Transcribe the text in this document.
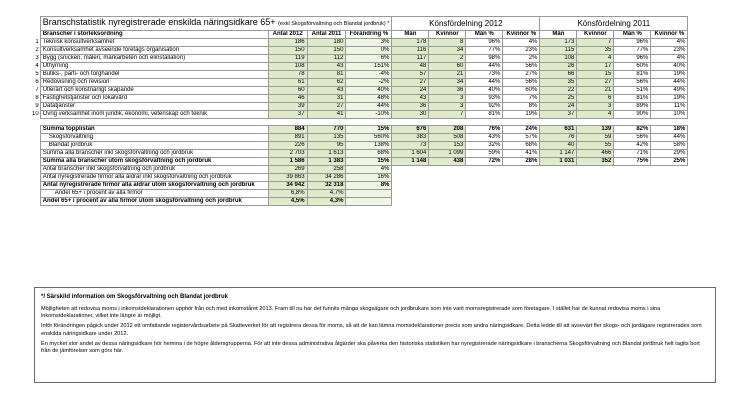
	Branschstatistik nyregistrerade enskilda näringsidkare 65+ (exkl Skogsförvaltning och Blandat jordbruk) *				Könsfördelning 2012				Könsfördelning 2011			
	Branscher i storleksordning	Antal 2012	Antal 2011	Förändring %	Män	Kvinnor	Män %	Kvinnor %	Män	Kvinnor	Män %	Kvinnor %
1	Teknisk konsultverksamhet	186	180	3%	178	8	96%	4%	173	7	96%	4%
2	Konsultverksamhet avseende företags organisation	150	150	0%	116	34	77%	23%	115	35	77%	23%
3	Bygg (snickeri, måleri, markarbeten och elinstallation)	119	112	6%	117	2	98%	2%	108	4	96%	4%
4	Uthyrning	108	43	151%	48	60	44%	56%	26	17	60%	40%
5	Butiks-, parti- och torghandel	78	81	-4%	57	21	73%	27%	66	15	81%	19%
6	Redovisning och revision	61	62	-2%	27	34	44%	56%	35	27	56%	44%
7	Utlerärt och konstnärligt skapande	60	43	40%	24	36	40%	60%	22	21	51%	49%
8	Fastighetstjänster och lokalvård	46	31	48%	43	3	93%	7%	25	6	81%	19%
9	Datatjänster	39	27	44%	36	3	92%	8%	24	3	89%	11%
10	Övrig verksamhet inom juridik, ekonomi, vetenskap och teknik	37	41	-10%	30	7	81%	19%	37	4	90%	10%

	Summa topplistan	884	770	15%	676	208	76%	24%	631	139	82%	18%
	Skogsförvaltning	891	135	560%	383	508	43%	57%	76	59	56%	44%
	Blandat jordbruk	226	95	138%	73	153	32%	68%	40	55	42%	58%
	Summa alla branscher inkl skogsförvaltning och jordbruk	2 703	1 613	68%	1 604	1 099	59%	41%	1 147	466	71%	29%
	Summa alla branscher utom skogsförvaltning och jordbruk	1 586	1 383	15%	1 148	438	72%	28%	1 031	352	75%	25%
	Antal branscher inkl skogsförvaltning och jordbruk	269	258	4%								
	Antal nyregistrerade firmor alla åldrar inkl skogsförvaltning och jordbruk	39 863	34 286	16%								
	Antal nyregistrerade firmor alla åldrar utom skogsförvaltning och jordbruk	34 942	32 318	8%								
	Andel 65+ i procent av alla firmor	6,8%	4,7%									
	Andel 65+ i procent av alla firmor utom skogsförvaltning och jordbruk	4,5%	4,3%									
*/ Särskild information om Skogsförvaltning och Blandat jordbruk

Möjligheten att redovisa moms i inkomstdeklarationen upphör från och med inkomståret 2013. Fram till nu har det funnits många skogsägare och jordbrukare som inte varit momsregistrerade som företagare. I stället har de kunnat redovisa moms i sina inkomstdeklarationer, vilket inte längre är möjligt.

Inför förändringen pågick under 2012 ett omfattande registervårdsarbete på Skatteverket för att registrera dessa för moms, så att de kan lämna momsdeklarationer precis som andra näringsidkare. Detta ledde till att avsevärt fler skogs- och jordägare registrerades som enskilda näringsidkare under 2012.

En mycket stor andel av dessa näringsidkare hör hemma i de högre åldersgrupperna. För att inte dessa administrativa åtgärder ska påverka den historiska statistiken har nyregistrerade näringsidkare i branscherna Skogsförvaltning och Blandat jordbruk helt tagits bort från de jämförelser som görs här.
